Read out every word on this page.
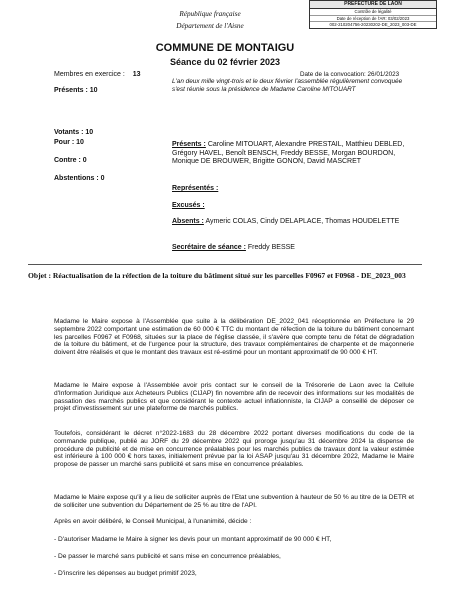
République française
Département de l'Aisne
PREFECTURE DE LAON
Contrôle de légalité
Date de réception de l'AR: 03/02/2023
002-210204756-20230202-DE_2023_003-DE
COMMUNE DE MONTAIGU
Séance du 02 février 2023
Membres en exercice : 13
Présents : 10
Votants : 10
Pour : 10
Contre : 0
Abstentions : 0
Date de la convocation: 26/01/2023
L'an deux mille vingt-trois et le deux février l'assemblée régulièrement convoquée s'est réunie sous la présidence de Madame Caroline MITOUART
Présents : Caroline MITOUART, Alexandre PRESTAIL, Matthieu DEBLED, Grégory HAVEL, Benoît BENSCH, Freddy BESSE, Morgan BOURDON, Monique DE BROUWER, Brigitte GONON, David MASCRET
Représentés :
Excusés :
Absents : Aymeric COLAS, Cindy DELAPLACE, Thomas HOUDELETTE
Secrétaire de séance : Freddy BESSE
Objet : Réactualisation de la réfection de la toiture du bâtiment situé sur les parcelles F0967 et F0968 - DE_2023_003
Madame le Maire expose à l'Assemblée que suite à la délibération DE_2022_041 réceptionnée en Préfecture le 29 septembre 2022 comportant une estimation de 60 000 € TTC du montant de réfection de la toiture du bâtiment concernant les parcelles F0967 et F0968, situées sur la place de l'église classée, il s'avère que compte tenu de l'état de dégradation de la toiture du bâtiment, et de l'urgence pour la structure, des travaux complémentaires de charpente et de maçonnerie doivent être réalisés et que le montant des travaux est ré-estimé pour un montant approximatif de 90 000 € HT.
Madame le Maire expose à l'Assemblée avoir pris contact sur le conseil de la Trésorerie de Laon avec la Cellule d'Information Juridique aux Acheteurs Publics (CIJAP) fin novembre afin de recevoir des informations sur les modalités de passation des marchés publics et que considérant le contexte actuel inflationniste, la CIJAP a conseillé de déposer ce projet d'investissement sur une plateforme de marchés publics.
Toutefois, considérant le décret n°2022-1683 du 28 décembre 2022 portant diverses modifications du code de la commande publique, publié au JORF du 29 décembre 2022 qui proroge jusqu'au 31 décembre 2024 la dispense de procédure de publicité et de mise en concurrence préalables pour les marchés publics de travaux dont la valeur estimée est inférieure à 100 000 € hors taxes, initialement prévue par la loi ASAP jusqu'au 31 décembre 2022, Madame le Maire propose de passer un marché sans publicité et sans mise en concurrence préalables.
Madame le Maire expose qu'il y a lieu de solliciter auprès de l'Etat une subvention à hauteur de 50 % au titre de la DETR et de solliciter une subvention du Département de 25 % au titre de l'API.
Après en avoir délibéré, le Conseil Municipal, à l'unanimité, décide :
- D'autoriser Madame le Maire à signer les devis pour un montant approximatif de 90 000 € HT,
- De passer le marché sans publicité et sans mise en concurrence préalables,
- D'inscrire les dépenses au budget primitif 2023,
